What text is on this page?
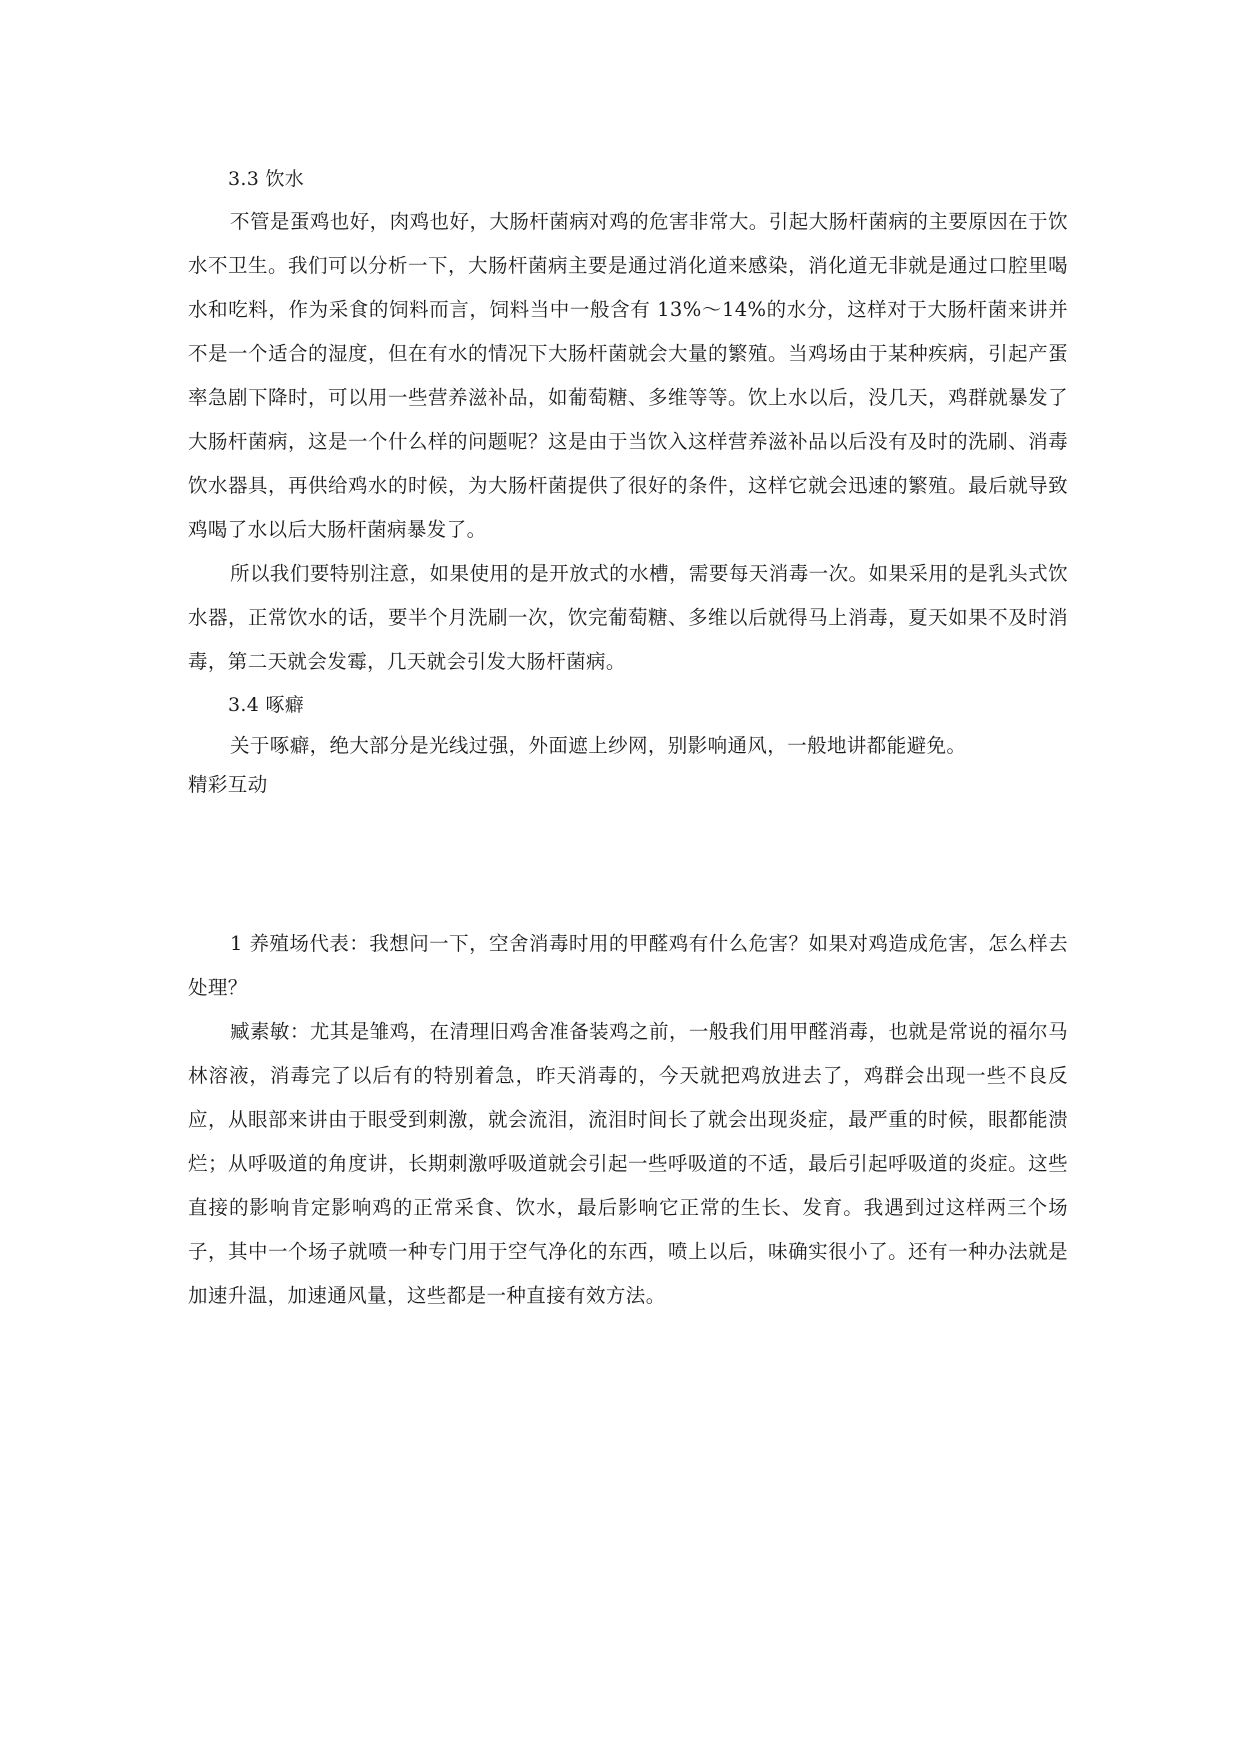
3.3 饮水

不管是蛋鸡也好，肉鸡也好，大肠杆菌病对鸡的危害非常大。引起大肠杆菌病的主要原因在于饮水不卫生。我们可以分析一下，大肠杆菌病主要是通过消化道来感染，消化道无非就是通过口腔里喝水和吃料，作为采食的饲料而言，饲料当中一般含有 13%～14%的水分，这样对于大肠杆菌来讲并不是一个适合的湿度，但在有水的情况下大肠杆菌就会大量的繁殖。当鸡场由于某种疾病，引起产蛋率急剧下降时，可以用一些营养滋补品，如葡萄糖、多维等等。饮上水以后，没几天，鸡群就暴发了大肠杆菌病，这是一个什么样的问题呢？这是由于当饮入这样营养滋补品以后没有及时的洗刷、消毒饮水器具，再供给鸡水的时候，为大肠杆菌提供了很好的条件，这样它就会迅速的繁殖。最后就导致鸡喝了水以后大肠杆菌病暴发了。

所以我们要特别注意，如果使用的是开放式的水槽，需要每天消毒一次。如果采用的是乳头式饮水器，正常饮水的话，要半个月洗刷一次，饮完葡萄糖、多维以后就得马上消毒，夏天如果不及时消毒，第二天就会发霉，几天就会引发大肠杆菌病。

3.4 啄癖

关于啄癖，绝大部分是光线过强，外面遮上纱网，别影响通风，一般地讲都能避免。

精彩互动

1 养殖场代表：我想问一下，空舍消毒时用的甲醛鸡有什么危害？如果对鸡造成危害，怎么样去处理？

臧素敏：尤其是雏鸡，在清理旧鸡舍准备装鸡之前，一般我们用甲醛消毒，也就是常说的福尔马林溶液，消毒完了以后有的特别着急，昨天消毒的，今天就把鸡放进去了，鸡群会出现一些不良反应，从眼部来讲由于眼受到刺激，就会流泪，流泪时间长了就会出现炎症，最严重的时候，眼都能溃烂；从呼吸道的角度讲，长期刺激呼吸道就会引起一些呼吸道的不适，最后引起呼吸道的炎症。这些直接的影响肯定影响鸡的正常采食、饮水，最后影响它正常的生长、发育。我遇到过这样两三个场子，其中一个场子就喷一种专门用于空气净化的东西，喷上以后，味确实很小了。还有一种办法就是加速升温，加速通风量，这些都是一种直接有效方法。
